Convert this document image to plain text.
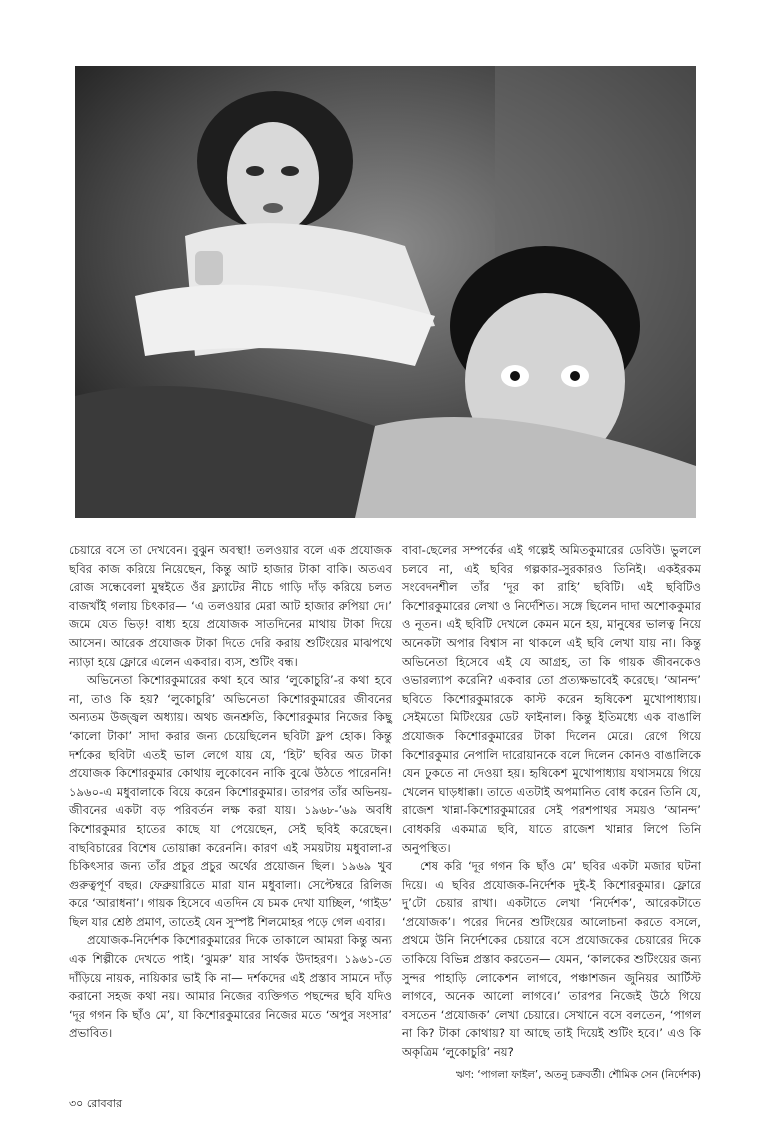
চেয়ারে বসে তা দেখবেন। বুঝুন অবস্থা! তলওয়ার বলে এক প্রযোজক ছবির কাজ করিয়ে নিয়েছেন, কিন্তু আট হাজার টাকা বাকি। অতএব রোজ সন্ধেবেলা মুম্বইতে ওঁর ফ্ল্যাটের নীচে গাড়ি দাঁড় করিয়ে চলত বাজখাঁই গলায় চিৎকার— ‘এ তলওয়ার মেরা আট হাজার রুপিয়া দে।’ জমে যেত ভিড়! বাধ্য হয়ে প্রযোজক সাতদিনের মাথায় টাকা দিয়ে আসেন। আরেক প্রযোজক টাকা দিতে দেরি করায় শুটিংয়ের মাঝপথে ন্যাড়া হয়ে ফ্লোরে এলেন একবার। ব্যস, শুটিং বন্ধ।

অভিনেতা কিশোরকুমারের কথা হবে আর ‘লুকোচুরি’-র কথা হবে না, তাও কি হয়? ‘লুকোচুরি’ অভিনেতা কিশোরকুমারের জীবনের অন্যতম উজ্জ্বল অধ্যায়। অথচ জনশ্রুতি, কিশোরকুমার নিজের কিছু ‘কালো টাকা’ সাদা করার জন্য চেয়েছিলেন ছবিটা ফ্লপ হোক। কিন্তু দর্শকের ছবিটা এতই ভাল লেগে যায় যে, ‘হিট’ ছবির অত টাকা প্রযোজক কিশোরকুমার কোথায় লুকোবেন নাকি বুঝে উঠতে পারেননি! ১৯৬০-এ মধুবালাকে বিয়ে করেন কিশোরকুমার। তারপর তাঁর অভিনয়-জীবনের একটা বড় পরিবর্তন লক্ষ করা যায়। ১৯৬৮-’৬৯ অবধি কিশোরকুমার হাতের কাছে যা পেয়েছেন, সেই ছবিই করেছেন। বাছবিচারের বিশেষ তোয়াক্কা করেননি। কারণ এই সময়টায় মধুবালা-র চিকিৎসার জন্য তাঁর প্রচুর প্রচুর অর্থের প্রয়োজন ছিল। ১৯৬৯ খুব গুরুত্বপূর্ণ বছর। ফেব্রুয়ারিতে মারা যান মধুবালা। সেপ্টেম্বরে রিলিজ করে ‘আরাধনা’। গায়ক হিসেবে এতদিন যে চমক দেখা যাচ্ছিল, ‘গাইড’ ছিল যার শ্রেষ্ঠ প্রমাণ, তাতেই যেন সুস্পষ্ট শিলমোহর পড়ে গেল এবার।

প্রযোজক-নির্দেশক কিশোরকুমারের দিকে তাকালে আমরা কিন্তু অন্য এক শিল্পীকে দেখতে পাই। ‘ঝুমরু’ যার সার্থক উদাহরণ। ১৯৬১-তে দাঁড়িয়ে নায়ক, নায়িকার ভাই কি না— দর্শকদের এই প্রস্তাব সামনে দাঁড় করানো সহজ কথা নয়। আমার নিজের ব্যক্তিগত পছন্দের ছবি যদিও ‘দূর গগন কি ছাঁও মে’, যা কিশোরকুমারের নিজের মতে ‘অপুর সংসার’ প্রভাবিত।

বাবা-ছেলের সম্পর্কের এই গল্পেই অমিতকুমারের ডেবিউ। ভুললে চলবে না, এই ছবির গল্পকার-সুরকারও তিনিই। একইরকম সংবেদনশীল তাঁর ‘দূর কা রাহি’ ছবিটি। এই ছবিটিও কিশোরকুমারের লেখা ও নির্দেশিত। সঙ্গে ছিলেন দাদা অশোককুমার ও নূতন। এই ছবিটি দেখলে কেমন মনে হয়, মানুষের ভালত্ব নিয়ে অনেকটা অপার বিশ্বাস না থাকলে এই ছবি লেখা যায় না। কিন্তু অভিনেতা হিসেবে এই যে আগ্রহ, তা কি গায়ক জীবনকেও ওভারল্যাপ করেনি? একবার তো প্রত্যক্ষভাবেই করেছে। ‘আনন্দ’ ছবিতে কিশোরকুমারকে কাস্ট করেন হৃষিকেশ মুখোপাধ্যায়। সেইমতো মিটিংয়ের ডেট ফাইনাল। কিন্তু ইতিমধ্যে এক বাঙালি প্রযোজক কিশোরকুমারের টাকা দিলেন মেরে। রেগে গিয়ে কিশোরকুমার নেপালি দারোয়ানকে বলে দিলেন কোনও বাঙালিকে যেন ঢুকতে না দেওয়া হয়। হৃষিকেশ মুখোপাধ্যায় যথাসময়ে গিয়ে খেলেন ঘাড়ধাক্কা। তাতে এতটাই অপমানিত বোধ করেন তিনি যে, রাজেশ খান্না-কিশোরকুমারের সেই পরশপাথর সময়ও ‘আনন্দ’ বোধকরি একমাত্র ছবি, যাতে রাজেশ খান্নার লিপে তিনি অনুপস্থিত।

শেষ করি ‘দূর গগন কি ছাঁও মে’ ছবির একটা মজার ঘটনা দিয়ে। এ ছবির প্রযোজক-নির্দেশক দুই-ই কিশোরকুমার। ফ্লোরে দু’টো চেয়ার রাখা। একটাতে লেখা ‘নির্দেশক’, আরেকটাতে ‘প্রযোজক’। পরের দিনের শুটিংয়ের আলোচনা করতে বসলে, প্রথমে উনি নির্দেশকের চেয়ারে বসে প্রযোজকের চেয়ারের দিকে তাকিয়ে বিভিন্ন প্রস্তাব করতেন— যেমন, ‘কালকের শুটিংয়ের জন্য সুন্দর পাহাড়ি লোকেশন লাগবে, পঞ্চাশজন জুনিয়র আর্টিস্ট লাগবে, অনেক আলো লাগবে।’ তারপর নিজেই উঠে গিয়ে বসতেন ‘প্রযোজক’ লেখা চেয়ারে। সেখানে বসে বলতেন, ‘পাগল না কি? টাকা কোথায়? যা আছে তাই দিয়েই শুটিং হবে।’ এও কি অকৃত্রিম ‘লুকোচুরি’ নয়?

ঋণ: ‘পাগলা ফাইল’, অতনু চক্রবর্তী। শৌমিক সেন (নির্দেশক)

৩০ রোববার
